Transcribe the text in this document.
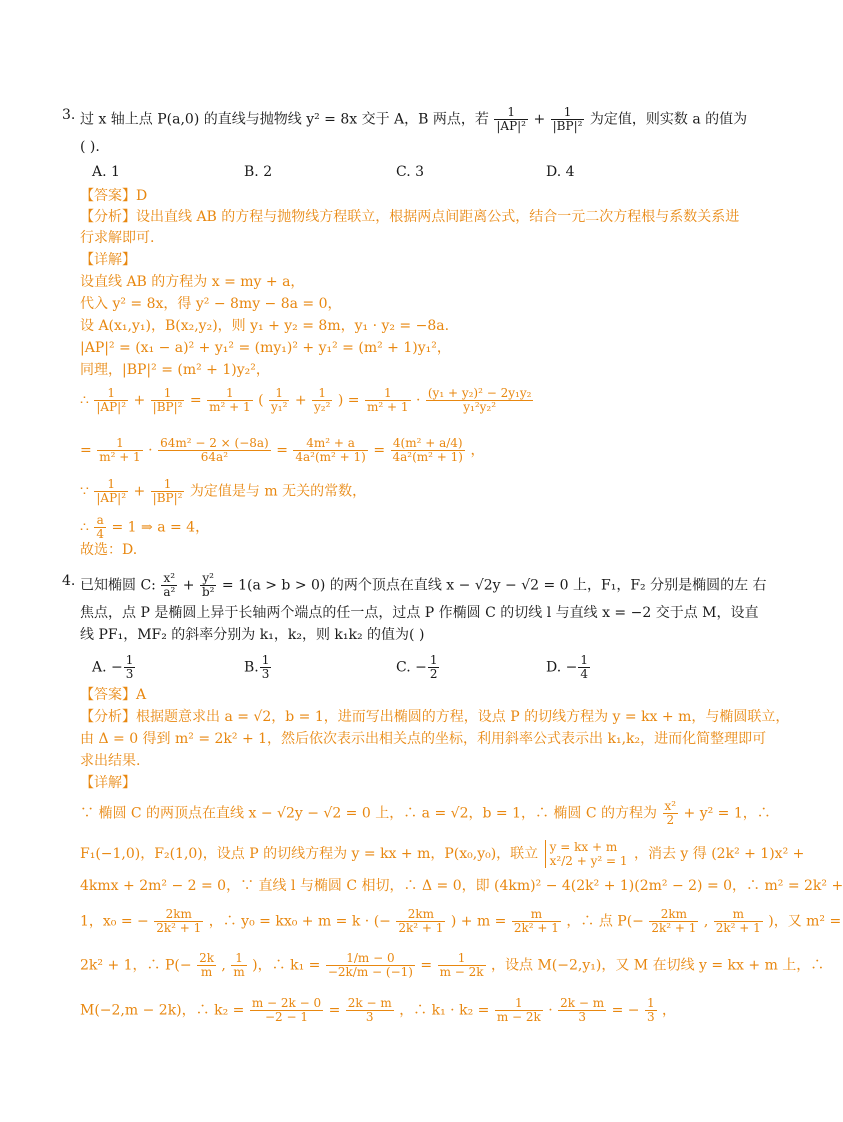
3. 过 x 轴上点 P(a,0) 的直线与抛物线 y² = 8x 交于 A，B 两点，若 $\frac{1}{\text{|AP|²}} + \frac{1}{\text{|BP|²}}$ 为定值，则实数 a 的值为
( ).
A. 1	B. 2	C. 3	D. 4
【答案】D
【分析】设出直线 AB 的方程与抛物线方程联立，根据两点间距离公式，结合一元二次方程根与系数关系进
行求解即可.
【详解】
设直线 AB 的方程为 x = my + a，
代入 y² = 8x，得 y² − 8my − 8a = 0，
设 A(x₁,y₁)，B(x₂,y₂)，则 y₁ + y₂ = 8m，y₁ · y₂ = −8a.
|AP|² = (x₁ − a)² + y₁² = (my₁)² + y₁² = (m² + 1)y₁²，
同理，|BP|² = (m² + 1)y₂²，
∴ $\frac{1}{\text{|AP|²}} + \frac{1}{\text{|BP|²}} = \frac{1}{\text{m² + 1}}$ ( $\frac{1}{\text{y₁²}} + \frac{1}{\text{y₂²}}$ ) = $\frac{1}{\text{m² + 1}} \cdot \frac{\text{(y₁ + y₂)² − 2y₁y₂}}{\text{y₁²y₂²}}$
= $\frac{1}{\text{m² + 1}} \cdot \frac{\text{64m² − 2 × (−8a)}}{\text{64a²}} = \frac{\text{4m² + a}}{\text{4a²(m² + 1)}} = \frac{\text{4(m² + a/4)}}{\text{4a²(m² + 1)}}$ ，
∵ $\frac{1}{\text{|AP|²}} + \frac{1}{\text{|BP|²}}$ 为定值是与 m 无关的常数，
∴ $\frac{a}{4} = 1$ ⇒ a = 4，
故选：D.
4. 已知椭圆 C: $\frac{\text{x²}}{\text{a²}} + \frac{\text{y²}}{\text{b²}} = 1(a > b > 0)$ 的两个顶点在直线 x − √2y − √2 = 0 上，F₁，F₂ 分别是椭圆的左 右
焦点，点 P 是椭圆上异于长轴两个端点的任一点，过点 P 作椭圆 C 的切线 l 与直线 x = −2 交于点 M，设直
线 PF₁，MF₂ 的斜率分别为 k₁，k₂，则 k₁k₂ 的值为( )
A. − $\frac{1}{3}$	B. $\frac{1}{3}$	C. − $\frac{1}{2}$	D. − $\frac{1}{4}$
【答案】A
【分析】根据题意求出 a = √2，b = 1，进而写出椭圆的方程，设点 P 的切线方程为 y = kx + m，与椭圆联立，
由 Δ = 0 得到 m² = 2k² + 1，然后依次表示出相关点的坐标，利用斜率公式表示出 k₁,k₂，进而化简整理即可
求出结果.
【详解】
∵ 椭圆 C 的两顶点在直线 x − √2y − √2 = 0 上，∴ a = √2，b = 1，∴ 椭圆 C 的方程为 $\frac{\text{x²}}{2} + y^2 = 1$，∴
F₁(−1,0)，F₂(1,0)，设点 P 的切线方程为 y = kx + m，P(x₀,y₀)，联立 y = kx + m
x²/2 + y² = 1 ，消去 y 得 (2k² + 1)x² +
4kmx + 2m² − 2 = 0，∵ 直线 l 与椭圆 C 相切，∴ Δ = 0，即 (4km)² − 4(2k² + 1)(2m² − 2) = 0，∴ m² = 2k² +
1，x₀ = − $\frac{2km}{\text{2k² + 1}}$ ，∴ y₀ = kx₀ + m = k · (− $\frac{2km}{\text{2k² + 1}}$ ) + $m = \frac{m}{\text{2k² + 1}}$ ，∴ 点 $P(- \frac{2km}{\text{2k² + 1}}$ , $\frac{m}{\text{2k² + 1}}$ )，又 m² =
2k² + 1，∴ $P(- \frac{2k}{m}$ , $\frac{1}{m}$ )，∴ $k_1 = \frac{1/m - 0}{-2k/m - (-1)} = \frac{1}{m - 2k}$ ，设点 M(−2,y₁)，又 M 在切线 y = kx + m 上，∴
M(−2,m − 2k)，∴ $k_2 = \frac{m - 2k - 0}{-2 - 1} = \frac{2k - m}{3}$ ，∴ $k_1 \cdot k_2 = \frac{1}{m - 2k} \cdot \frac{2k - m}{3}$ = − $\frac{1}{3}$ ，
